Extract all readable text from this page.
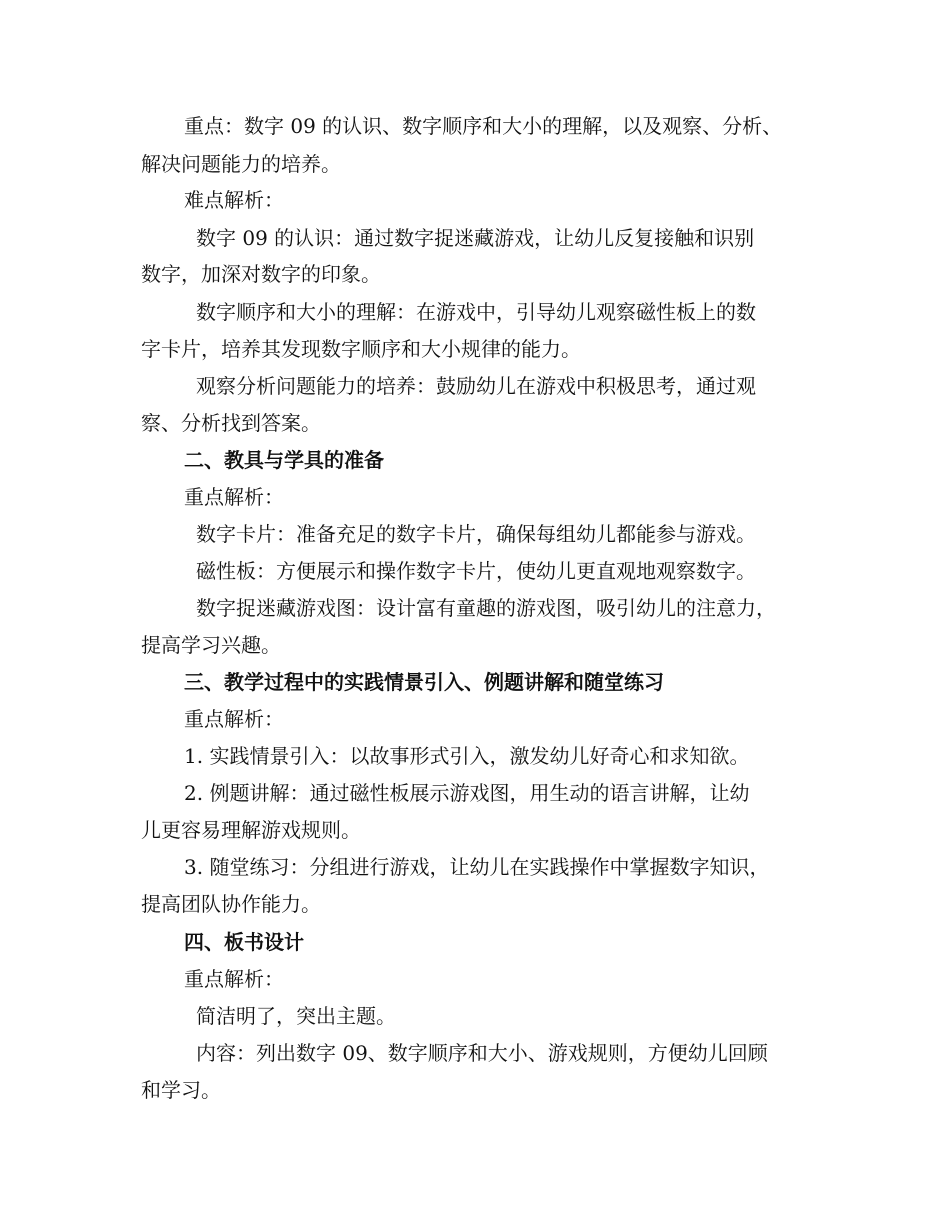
重点：数字 09 的认识、数字顺序和大小的理解，以及观察、分析、
解决问题能力的培养。
难点解析：
数字 09 的认识：通过数字捉迷藏游戏，让幼儿反复接触和识别
数字，加深对数字的印象。
数字顺序和大小的理解：在游戏中，引导幼儿观察磁性板上的数
字卡片，培养其发现数字顺序和大小规律的能力。
观察分析问题能力的培养：鼓励幼儿在游戏中积极思考，通过观
察、分析找到答案。
二、教具与学具的准备
重点解析：
数字卡片：准备充足的数字卡片，确保每组幼儿都能参与游戏。
磁性板：方便展示和操作数字卡片，使幼儿更直观地观察数字。
数字捉迷藏游戏图：设计富有童趣的游戏图，吸引幼儿的注意力，
提高学习兴趣。
三、教学过程中的实践情景引入、例题讲解和随堂练习
重点解析：
1. 实践情景引入：以故事形式引入，激发幼儿好奇心和求知欲。
2. 例题讲解：通过磁性板展示游戏图，用生动的语言讲解，让幼
儿更容易理解游戏规则。
3. 随堂练习：分组进行游戏，让幼儿在实践操作中掌握数字知识，
提高团队协作能力。
四、板书设计
重点解析：
简洁明了，突出主题。
内容：列出数字 09、数字顺序和大小、游戏规则，方便幼儿回顾
和学习。
